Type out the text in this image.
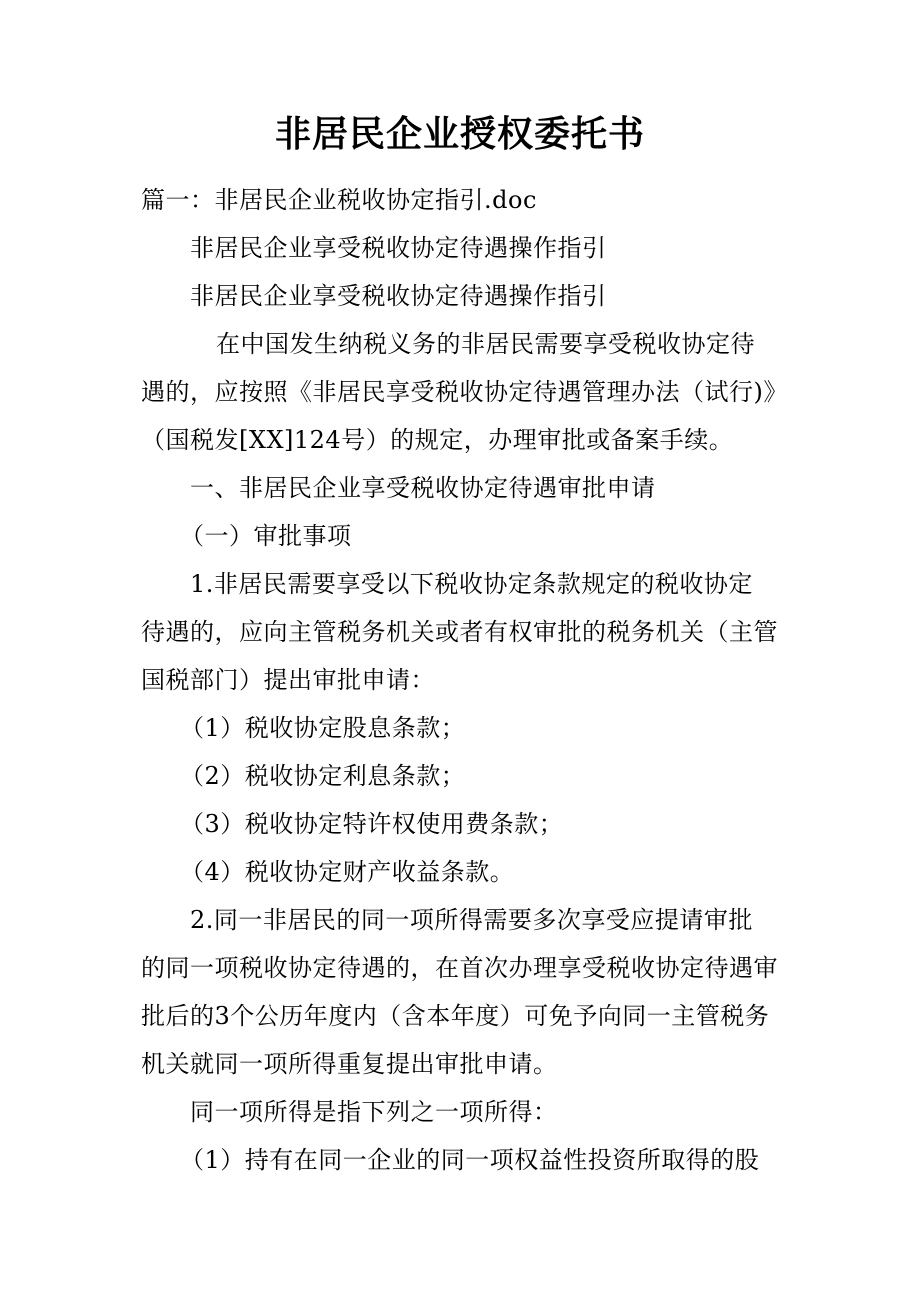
非居民企业授权委托书
篇一：非居民企业税收协定指引.doc
非居民企业享受税收协定待遇操作指引
非居民企业享受税收协定待遇操作指引
在中国发生纳税义务的非居民需要享受税收协定待
遇的，应按照《非居民享受税收协定待遇管理办法（试行)》
（国税发[XX]124号）的规定，办理审批或备案手续。
一、非居民企业享受税收协定待遇审批申请
（一）审批事项
1.非居民需要享受以下税收协定条款规定的税收协定
待遇的，应向主管税务机关或者有权审批的税务机关（主管
国税部门）提出审批申请：
（1）税收协定股息条款；
（2）税收协定利息条款；
（3）税收协定特许权使用费条款；
（4）税收协定财产收益条款。
2.同一非居民的同一项所得需要多次享受应提请审批
的同一项税收协定待遇的，在首次办理享受税收协定待遇审
批后的3个公历年度内（含本年度）可免予向同一主管税务
机关就同一项所得重复提出审批申请。
同一项所得是指下列之一项所得：
（1）持有在同一企业的同一项权益性投资所取得的股
